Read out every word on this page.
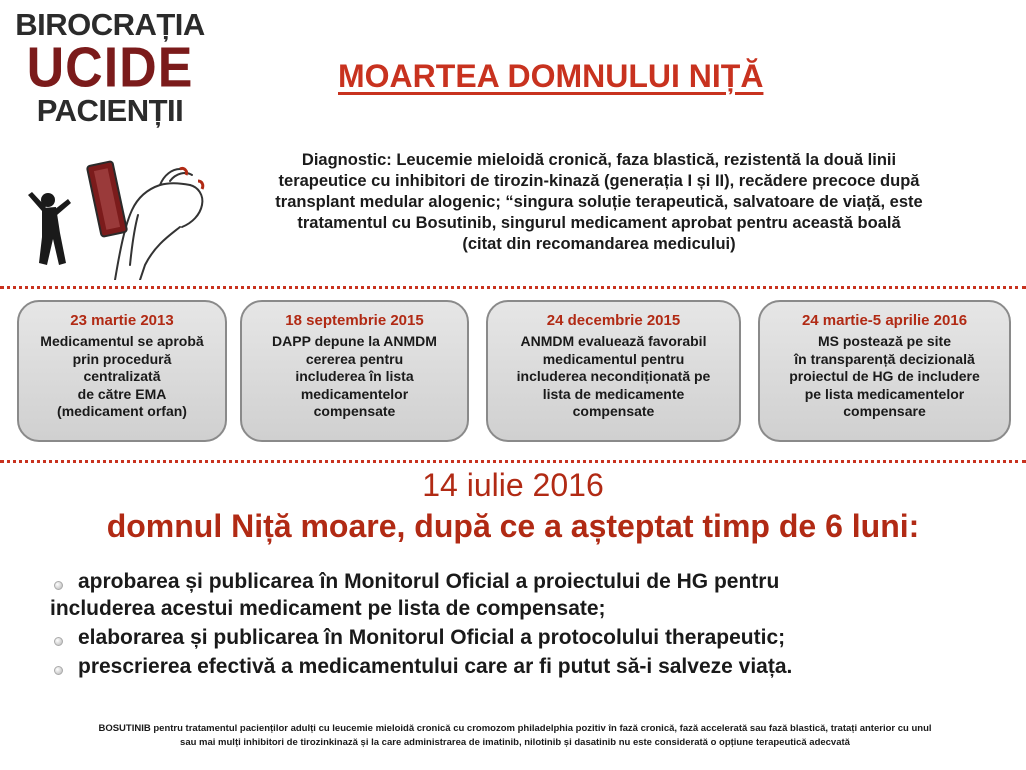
BIROCRAȚIA
UCIDE
PACIENȚII
MOARTEA DOMNULUI NIȚĂ
Diagnostic: Leucemie mieloidă cronică, faza blastică, rezistentă la două linii
terapeutice cu inhibitori de tirozin-kinază (generația I și II), recădere precoce după
transplant medular alogenic; “singura soluție terapeutică, salvatoare de viață, este
tratamentul cu Bosutinib, singurul medicament aprobat pentru această boală
(citat din recomandarea medicului)
23 martie 2013
Medicamentul se aprobă
prin procedură
centralizată
de către EMA
(medicament orfan)
18 septembrie 2015
DAPP depune la ANMDM
cererea pentru
includerea în lista
medicamentelor
compensate
24 decembrie 2015
ANMDM evaluează favorabil
medicamentul pentru
includerea necondiționată pe
lista de medicamente
compensate
24 martie-5 aprilie 2016
MS postează pe site
în transparență decizională
proiectul de HG de includere
pe lista medicamentelor
compensare
14 iulie 2016
domnul Niță moare, după ce a așteptat timp de 6 luni:
aprobarea și publicarea în Monitorul Oficial a proiectului de HG pentru
includerea acestui medicament pe lista de compensate;
elaborarea și publicarea în Monitorul Oficial a protocolului therapeutic;
prescrierea efectivă a medicamentului care ar fi putut să-i salveze viața.
BOSUTINIB pentru tratamentul pacienților adulți cu leucemie mieloidă cronică cu cromozom philadelphia pozitiv în fază cronică, fază accelerată sau fază blastică, tratați anterior cu unul
sau mai mulți inhibitori de tirozinkinază și la care administrarea de imatinib, nilotinib și dasatinib nu este considerată o opțiune terapeutică adecvată
